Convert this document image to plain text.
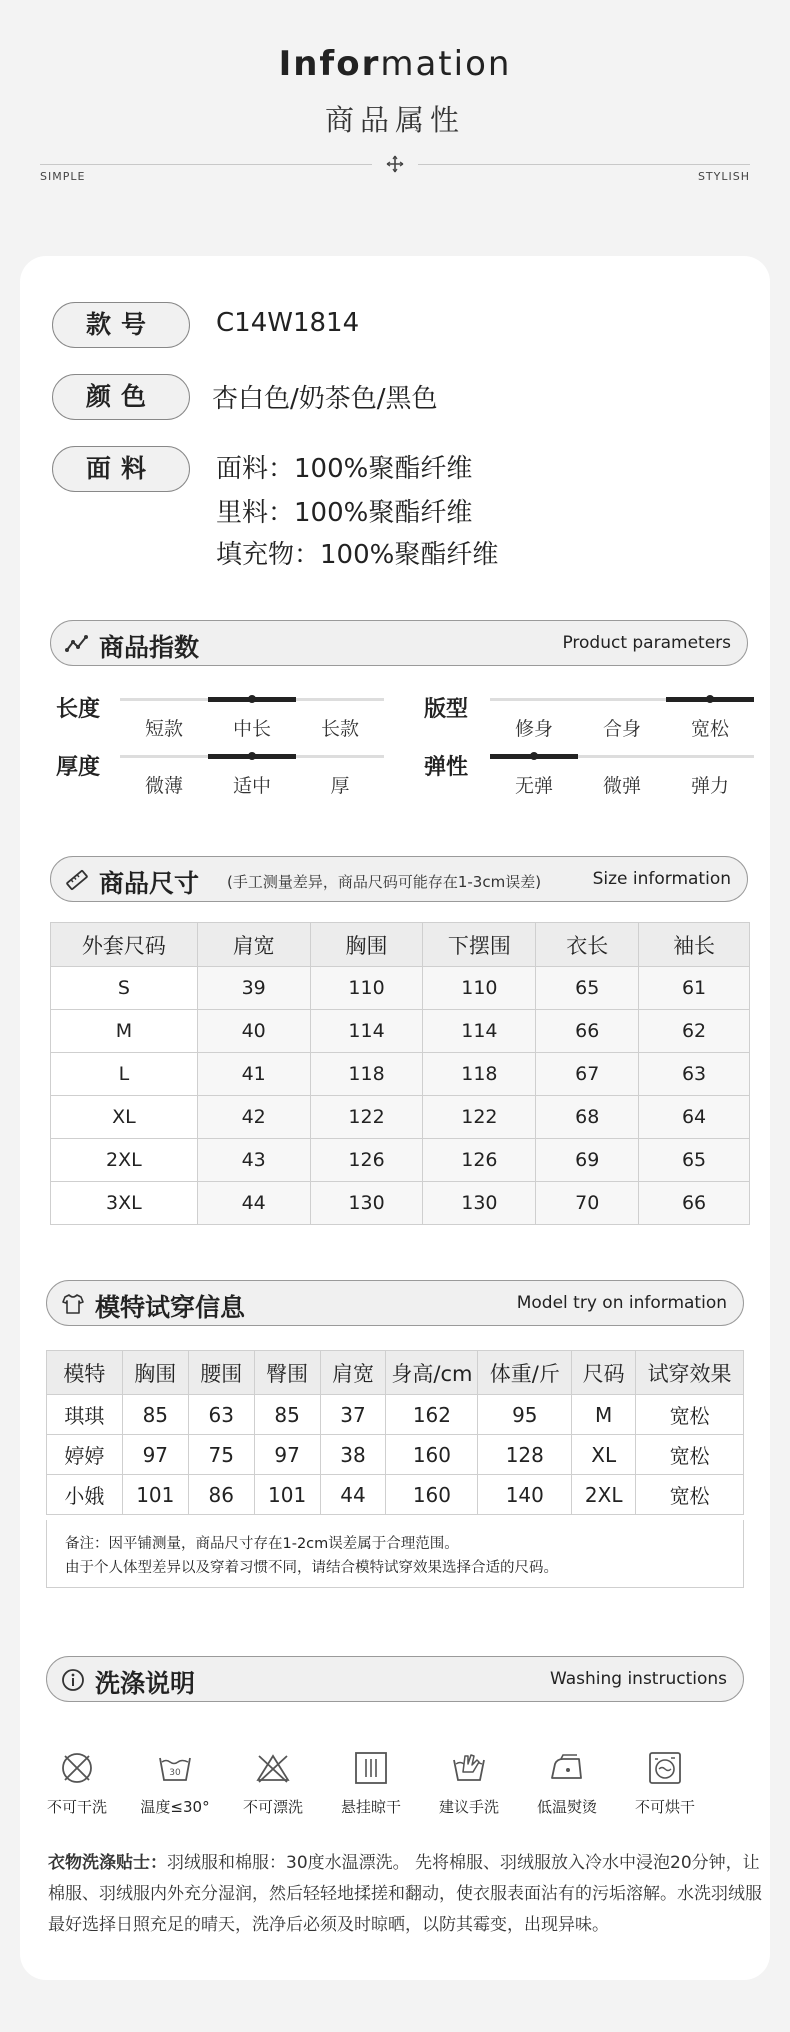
Information
商品属性
SIMPLE	STYLISH
款号	C14W1814
颜色	杏白色/奶茶色/黑色
面料	面料：100%聚酯纤维
里料：100%聚酯纤维
填充物：100%聚酯纤维
商品指数	Product parameters
长度
短款	中长	长款
版型
修身	合身	宽松
厚度
微薄	适中	厚
弹性
无弹	微弹	弹力
商品尺寸 (手工测量差异，商品尺码可能存在1-3cm误差)	Size information
外套尺码	肩宽	胸围	下摆围	衣长	袖长
S	39	110	110	65	61
M	40	114	114	66	62
L	41	118	118	67	63
XL	42	122	122	68	64
2XL	43	126	126	69	65
3XL	44	130	130	70	66
模特试穿信息	Model try on information
模特	胸围	腰围	臀围	肩宽	身高/cm	体重/斤	尺码	试穿效果
琪琪	85	63	85	37	162	95	M	宽松
婷婷	97	75	97	38	160	128	XL	宽松
小娥	101	86	101	44	160	140	2XL	宽松
备注：因平铺测量，商品尺寸存在1-2cm误差属于合理范围。
由于个人体型差异以及穿着习惯不同，请结合模特试穿效果选择合适的尺码。
洗涤说明	Washing instructions
不可干洗
30
温度≤30°	不可漂洗	悬挂晾干	建议手洗	低温熨烫	不可烘干
衣物洗涤贴士：羽绒服和棉服：30度水温漂洗。 先将棉服、羽绒服放入冷水中浸泡20分钟，让棉服、羽绒服内外充分湿润，然后轻轻地揉搓和翻动，使衣服表面沾有的污垢溶解。水洗羽绒服最好选择日照充足的晴天，洗净后必须及时晾晒，以防其霉变，出现异味。
